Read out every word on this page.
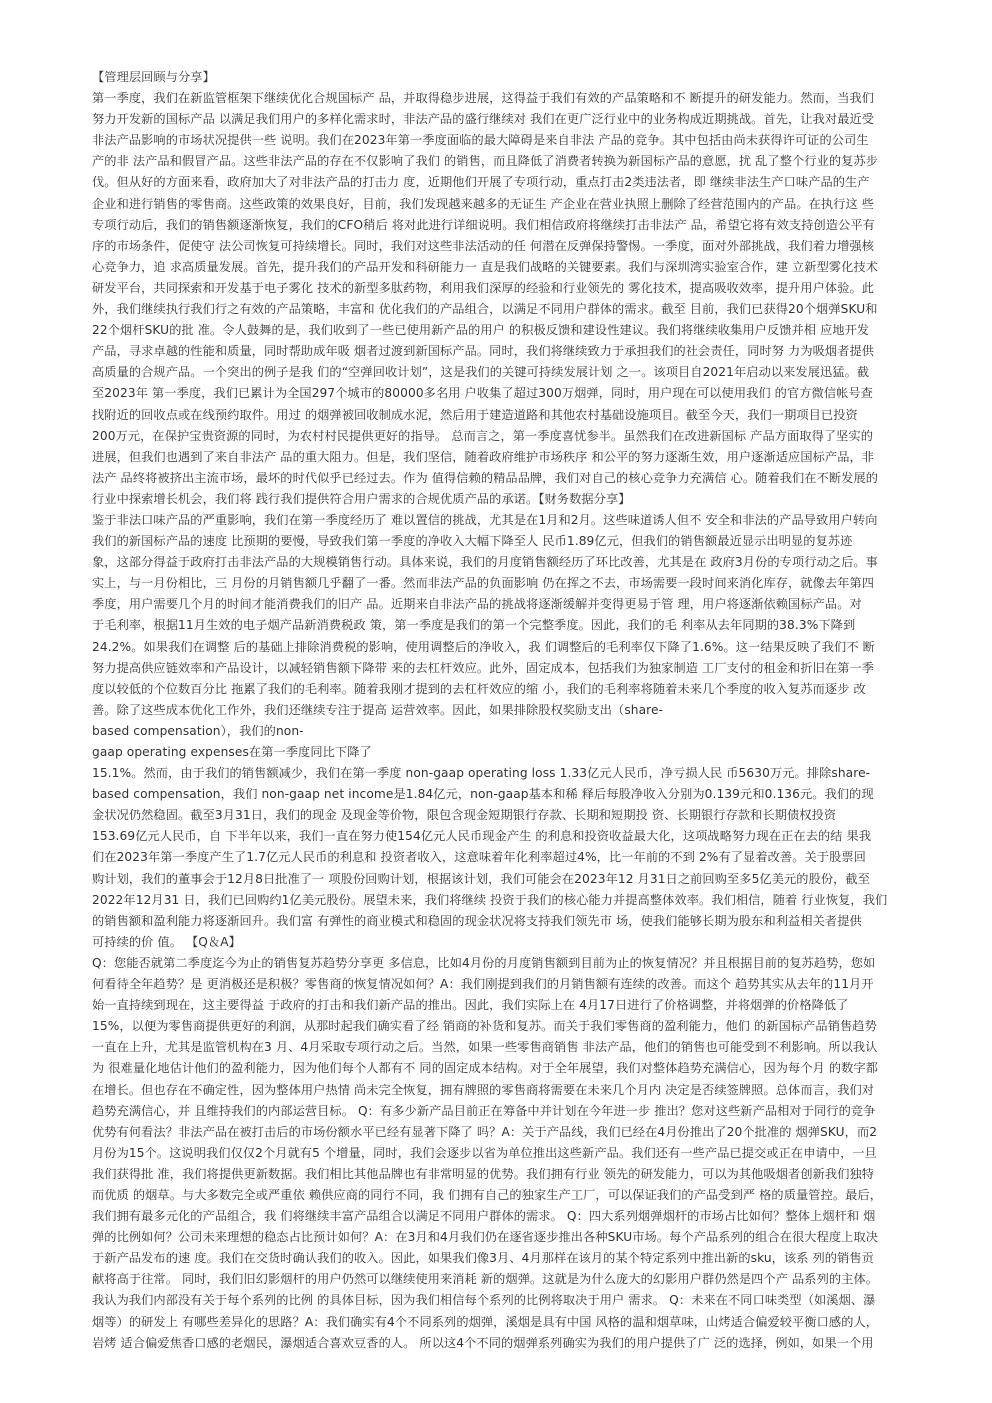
【管理层回顾与分享】
第一季度，我们在新监管框架下继续优化合规国标产 品，并取得稳步进展，这得益于我们有效的产品策略和不 断提升的研发能力。然而，当我们
努力开发新的国标产品 以满足我们用户的多样化需求时，非法产品的盛行继续对 我们在更广泛行业中的业务构成近期挑战。首先，让我对最近受
非法产品影响的市场状况提供一些 说明。我们在2023年第一季度面临的最大障碍是来自非法 产品的竞争。其中包括由尚未获得许可证的公司生
产的非 法产品和假冒产品。这些非法产品的存在不仅影响了我们 的销售，而且降低了消费者转换为新国标产品的意愿，扰 乱了整个行业的复苏步
伐。但从好的方面来看，政府加大了对非法产品的打击力 度，近期他们开展了专项行动，重点打击2类违法者，即 继续非法生产口味产品的生产
企业和进行销售的零售商。这些政策的效果良好，目前，我们发现越来越多的无证生 产企业在营业执照上删除了经营范围内的产品。在执行这 些
专项行动后，我们的销售额逐渐恢复，我们的CFO稍后 将对此进行详细说明。我们相信政府将继续打击非法产 品，希望它将有效支持创造公平有
序的市场条件，促使守 法公司恢复可持续增长。同时，我们对这些非法活动的任 何潜在反弹保持警惕。一季度，面对外部挑战，我们着力增强核
心竞争力，追 求高质量发展。首先，提升我们的产品开发和科研能力一 直是我们战略的关键要素。我们与深圳湾实验室合作，建 立新型雾化技术
研发平台，共同探索和开发基于电子雾化 技术的新型多肽药物，利用我们深厚的经验和行业领先的 雾化技术，提高吸收效率，提升用户体验。此
外，我们继续执行我们行之有效的产品策略，丰富和 优化我们的产品组合，以满足不同用户群体的需求。截至 目前，我们已获得20个烟弹SKU和
22个烟杆SKU的批 准。令人鼓舞的是，我们收到了一些已使用新产品的用户 的积极反馈和建设性建议。我们将继续收集用户反馈并相 应地开发
产品，寻求卓越的性能和质量，同时帮助成年吸 烟者过渡到新国标产品。同时，我们将继续致力于承担我们的社会责任，同时努 力为吸烟者提供
高质量的合规产品。一个突出的例子是我 们的“空弹回收计划”，这是我们的关键可持续发展计划 之一。该项目自2021年启动以来发展迅猛。截
至2023年 第一季度，我们已累计为全国297个城市的80000多名用 户收集了超过300万烟弹，同时，用户现在可以使用我们 的官方微信帐号查
找附近的回收点或在线预约取件。用过 的烟弹被回收制成水泥，然后用于建造道路和其他农村基础设施项目。截至今天，我们一期项目已投资
200万元，在保护宝贵资源的同时，为农村村民提供更好的指导。 总而言之，第一季度喜忧参半。虽然我们在改进新国标 产品方面取得了坚实的
进展，但我们也遇到了来自非法产 品的重大阻力。但是，我们坚信，随着政府维护市场秩序 和公平的努力逐渐生效，用户逐渐适应国标产品，非
法产 品终将被挤出主流市场，最坏的时代似乎已经过去。作为 值得信赖的精品品牌，我们对自己的核心竞争力充满信 心。随着我们在不断发展的
行业中探索增长机会，我们将 践行我们提供符合用户需求的合规优质产品的承诺。【财务数据分享】
鉴于非法口味产品的严重影响，我们在第一季度经历了 难以置信的挑战，尤其是在1月和2月。这些味道诱人但不 安全和非法的产品导致用户转向
我们的新国标产品的速度 比预期的要慢，导致我们第一季度的净收入大幅下降至人 民币1.89亿元，但我们的销售额最近显示出明显的复苏迹
象，这部分得益于政府打击非法产品的大规模销售行动。具体来说，我们的月度销售额经历了环比改善，尤其是在 政府3月份的专项行动之后。事
实上，与一月份相比，三 月份的月销售额几乎翻了一番。然而非法产品的负面影响 仍在挥之不去，市场需要一段时间来消化库存，就像去年第四
季度，用户需要几个月的时间才能消费我们的旧产 品。近期来自非法产品的挑战将逐渐缓解并变得更易于管 理，用户将逐渐依赖国标产品。对
于毛利率，根据11月生效的电子烟产品新消费税政 策，第一季度是我们的第一个完整季度。因此，我们的毛 利率从去年同期的38.3%下降到
24.2%。如果我们在调整 后的基础上排除消费税的影响，使用调整后的净收入，我 们调整后的毛利率仅下降了1.6%。这一结果反映了我们不 断
努力提高供应链效率和产品设计，以减轻销售额下降带 来的去杠杆效应。此外，固定成本，包括我们为独家制造 工厂支付的租金和折旧在第一季
度以较低的个位数百分比 拖累了我们的毛利率。随着我刚才提到的去杠杆效应的缩 小，我们的毛利率将随着未来几个季度的收入复苏而逐步 改
善。除了这些成本优化工作外，我们还继续专注于提高 运营效率。因此，如果排除股权奖励支出（share-
based compensation），我们的non-
gaap operating expenses在第一季度同比下降了
15.1%。然而，由于我们的销售额减少，我们在第一季度 non-gaap operating loss 1.33亿元人民币，净亏损人民 币5630万元。排除share-
based compensation，我们 non-gaap net income是1.84亿元，non-gaap基本和稀 释后每股净收入分别为0.139元和0.136元。我们的现
金状况仍然稳固。截至3月31日，我们的现金 及现金等价物，限包含现金短期银行存款、长期和短期投 资、长期银行存款和长期债权投资
153.69亿元人民币，自 下半年以来，我们一直在努力使154亿元人民币现金产生 的利息和投资收益最大化，这项战略努力现在正在去的结 果我
们在2023年第一季度产生了1.7亿元人民币的利息和 投资者收入，这意味着年化利率超过4%，比一年前的不到 2%有了显着改善。关于股票回
购计划，我们的董事会于12月8日批准了一 项股份回购计划，根据该计划，我们可能会在2023年12 月31日之前回购至多5亿美元的股份，截至
2022年12月31 日，我们已回购约1亿美元股份。展望未来，我们将继续 投资于我们的核心能力并提高整体效率。我们相信，随着 行业恢复，我们
的销售额和盈利能力将逐渐回升。我们富 有弹性的商业模式和稳固的现金状况将支持我们领先市 场，使我们能够长期为股东和利益相关者提供
可持续的价 值。 【Q＆A】
Q：您能否就第二季度迄今为止的销售复苏趋势分享更 多信息，比如4月份的月度销售额到目前为止的恢复情况？并且根据目前的复苏趋势，您如
何看待全年趋势？是 更消极还是积极？零售商的恢复情况如何？A：我们刚提到我们的月销售额有连续的改善。而这个 趋势其实从去年的11月开
始一直持续到现在，这主要得益 于政府的打击和我们新产品的推出。因此，我们实际上在 4月17日进行了价格调整，并将烟弹的价格降低了
15%，以便为零售商提供更好的利润，从那时起我们确实看了经 销商的补货和复苏。而关于我们零售商的盈利能力，他们 的新国标产品销售趋势
一直在上升，尤其是监管机构在3 月、4月采取专项行动之后。当然，如果一些零售商销售 非法产品，他们的销售也可能受到不利影响。所以我认
为 很难量化地估计他们的盈利能力，因为他们每个人都有不 同的固定成本结构。对于全年展望，我们对整体趋势充满信心，因为每个月 的数字都
在增长。但也存在不确定性，因为整体用户热情 尚未完全恢复，拥有牌照的零售商将需要在未来几个月内 决定是否续签牌照。总体而言，我们对
趋势充满信心，并 且维持我们的内部运营目标。 Q：有多少新产品目前正在筹备中并计划在今年进一步 推出？您对这些新产品相对于同行的竞争
优势有何看法？非法产品在被打击后的市场份额水平已经有显著下降了 吗？A：关于产品线，我们已经在4月份推出了20个批准的 烟弹SKU，而2
月份为15个。这说明我们仅仅2个月就有5 个增量，同时，我们会逐步以省为单位推出这些新产品。我们还有一些产品已提交或正在申请中，一旦
我们获得批 准，我们将提供更新数据。我们相比其他品牌也有非常明显的优势。我们拥有行业 领先的研发能力，可以为其他吸烟者创新我们独特
而优质 的烟草。与大多数完全或严重依 赖供应商的同行不同，我 们拥有自己的独家生产工厂，可以保证我们的产品受到严 格的质量管控。最后，
我们拥有最多元化的产品组合，我 们将继续丰富产品组合以满足不同用户群体的需求。 Q：四大系列烟弹烟杆的市场占比如何？整体上烟杆和 烟
弹的比例如何？公司未来理想的稳态占比预计如何？A：在3月和4月我们仍在逐省逐步推出各种SKU市场。每个产品系列的组合在很大程度上取决
于新产品发布的速 度。我们在交货时确认我们的收入。因此，如果我们像3月、4月那样在该月的某个特定系列中推出新的sku，该系 列的销售贡
献将高于往常。 同时，我们旧幻影烟杆的用户仍然可以继续使用来消耗 新的烟弹。这就是为什么庞大的幻影用户群仍然是四个产 品系列的主体。
我认为我们内部没有关于每个系列的比例 的具体目标，因为我们相信每个系列的比例将取决于用户 需求。 Q：未来在不同口味类型（如溪烟、瀑
烟等）的研发上 有哪些差异化的思路？A：我们确实有4个不同系列的烟弹，溪烟是具有中国 风格的温和烟草味，山烤适合偏爱较平衡口感的人，
岩烤 适合偏爱焦香口感的老烟民，瀑烟适合喜欢豆香的人。 所以这4个不同的烟弹系列确实为我们的用户提供了广 泛的选择，例如，如果一个用
